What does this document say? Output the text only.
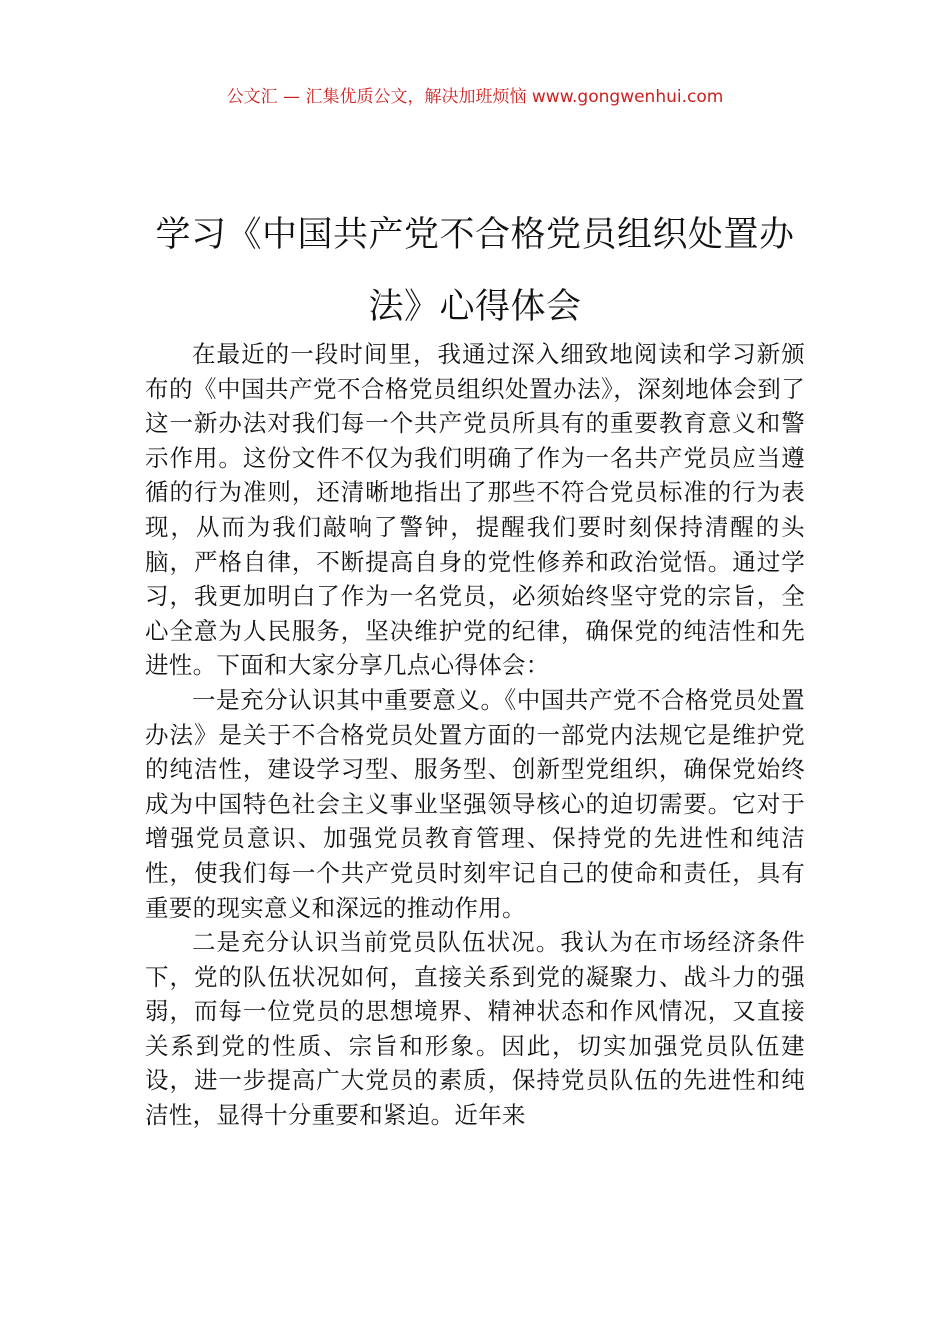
公文汇 — 汇集优质公文，解决加班烦恼 www.gongwenhui.com
学习《中国共产党不合格党员组织处置办法》心得体会

在最近的一段时间里，我通过深入细致地阅读和学习新颁布的《中国共产党不合格党员组织处置办法》，深刻地体会到了这一新办法对我们每一个共产党员所具有的重要教育意义和警示作用。这份文件不仅为我们明确了作为一名共产党员应当遵循的行为准则，还清晰地指出了那些不符合党员标准的行为表现，从而为我们敲响了警钟，提醒我们要时刻保持清醒的头脑，严格自律，不断提高自身的党性修养和政治觉悟。通过学习，我更加明白了作为一名党员，必须始终坚守党的宗旨，全心全意为人民服务，坚决维护党的纪律，确保党的纯洁性和先进性。下面和大家分享几点心得体会：

一是充分认识其中重要意义。《中国共产党不合格党员处置办法》是关于不合格党员处置方面的一部党内法规它是维护党的纯洁性，建设学习型、服务型、创新型党组织，确保党始终成为中国特色社会主义事业坚强领导核心的迫切需要。它对于增强党员意识、加强党员教育管理、保持党的先进性和纯洁性，使我们每一个共产党员时刻牢记自己的使命和责任，具有重要的现实意义和深远的推动作用。

二是充分认识当前党员队伍状况。我认为在市场经济条件下，党的队伍状况如何，直接关系到党的凝聚力、战斗力的强弱，而每一位党员的思想境界、精神状态和作风情况，又直接关系到党的性质、宗旨和形象。因此，切实加强党员队伍建设，进一步提高广大党员的素质，保持党员队伍的先进性和纯洁性，显得十分重要和紧迫。近年来
